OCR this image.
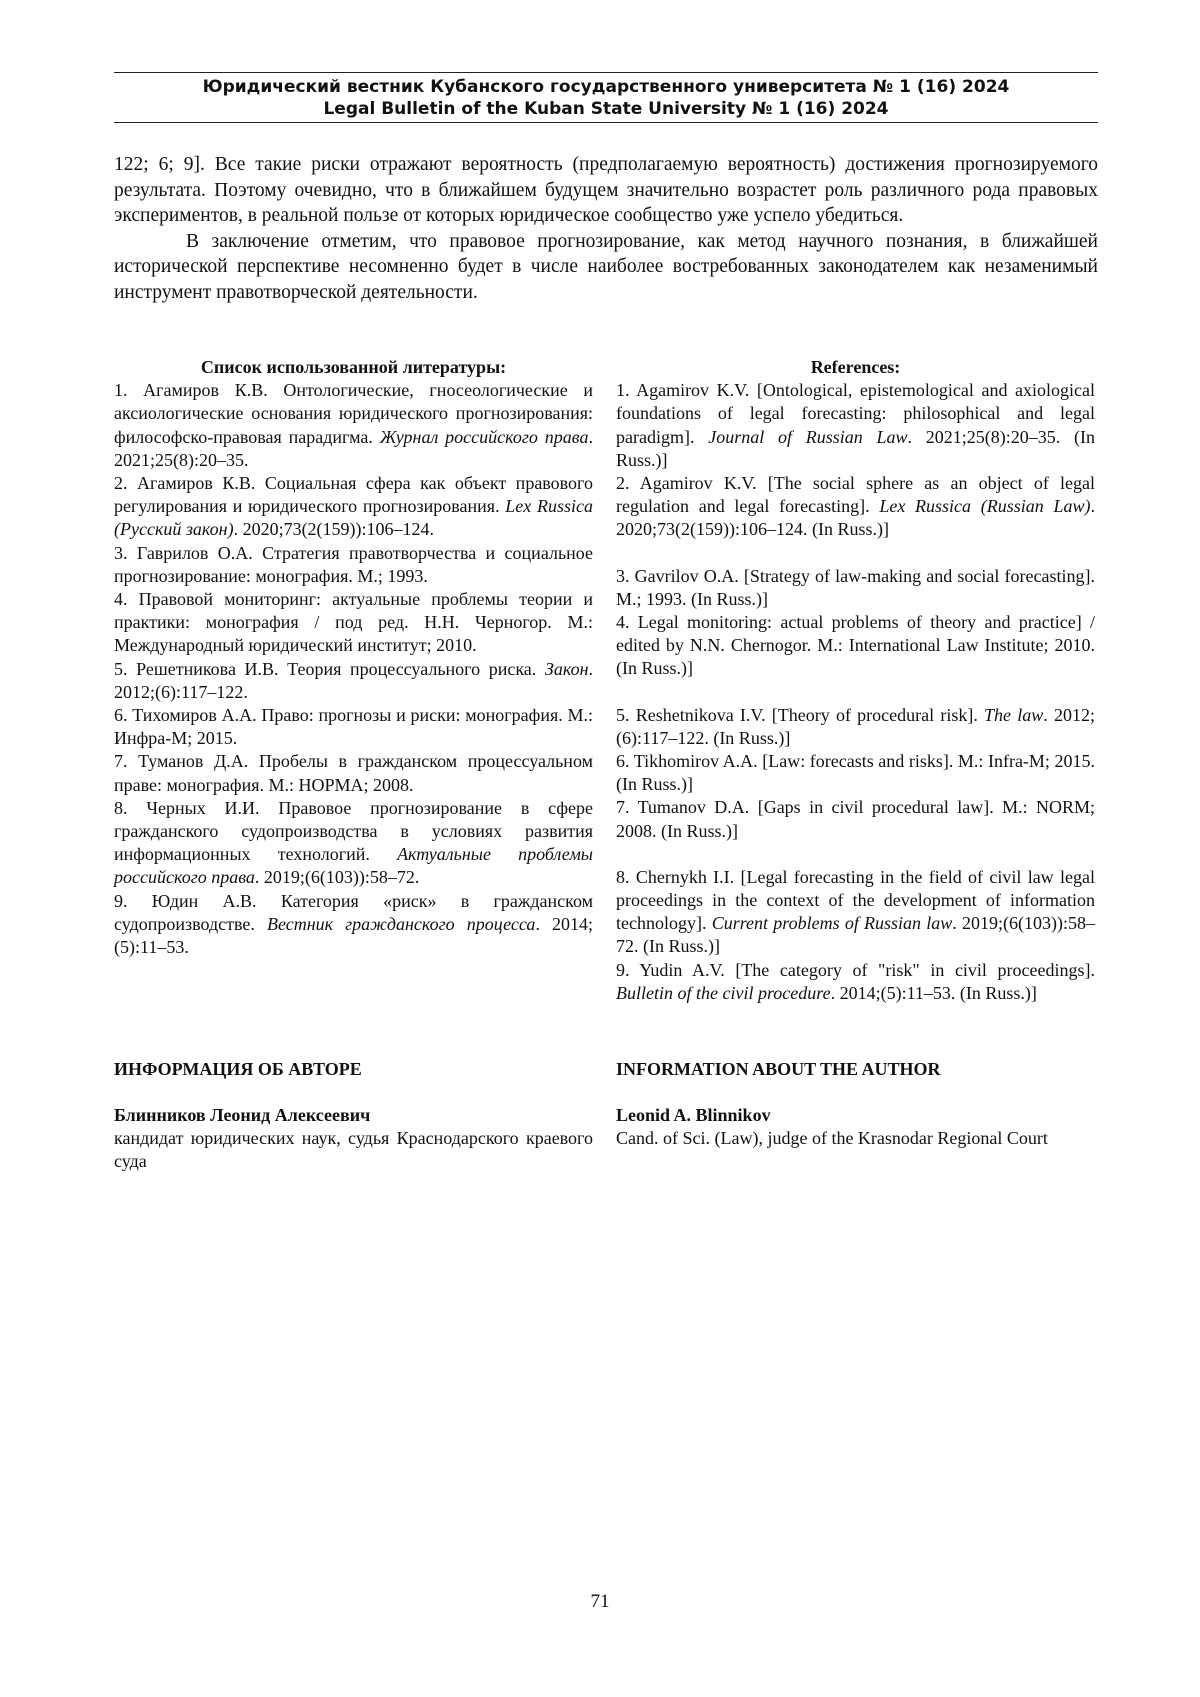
Юридический вестник Кубанского государственного университета № 1 (16) 2024
Legal Bulletin of the Kuban State University № 1 (16) 2024

122; 6; 9]. Все такие риски отражают вероятность (предполагаемую вероятность) достижения прогнозируемого результата. Поэтому очевидно, что в ближайшем будущем значительно возрастет роль различного рода правовых экспериментов, в реальной пользе от которых юридическое сообщество уже успело убедиться.

В заключение отметим, что правовое прогнозирование, как метод научного познания, в ближайшей исторической перспективе несомненно будет в числе наиболее востребованных законодателем как незаменимый инструмент правотворческой деятельности.

Список использованной литературы:

1. Агамиров К.В. Онтологические, гносеологические и аксиологические основания юридического прогнозирования: философско-правовая парадигма. Журнал российского права. 2021;25(8):20–35.

2. Агамиров К.В. Социальная сфера как объект правового регулирования и юридического прогнозирования. Lex Russica (Русский закон). 2020;73(2(159)):106–124.

3. Гаврилов О.А. Стратегия правотворчества и социальное прогнозирование: монография. М.; 1993.

4. Правовой мониторинг: актуальные проблемы теории и практики: монография / под ред. Н.Н. Черногор. М.: Международный юридический институт; 2010.

5. Решетникова И.В. Теория процессуального риска. Закон. 2012;(6):117–122.

6. Тихомиров А.А. Право: прогнозы и риски: монография. М.: Инфра-М; 2015.

7. Туманов Д.А. Пробелы в гражданском процессуальном праве: монография. М.: НОРМА; 2008.

8. Черных И.И. Правовое прогнозирование в сфере гражданского судопроизводства в условиях развития информационных технологий. Актуальные проблемы российского права. 2019;(6(103)):58–72.

9. Юдин А.В. Категория «риск» в гражданском судопроизводстве. Вестник гражданского процесса. 2014;(5):11–53.

References:

1. Agamirov K.V. [Ontological, epistemological and axiological foundations of legal forecasting: philosophical and legal paradigm]. Journal of Russian Law. 2021;25(8):20–35. (In Russ.)]

2. Agamirov K.V. [The social sphere as an object of legal regulation and legal forecasting]. Lex Russica (Russian Law). 2020;73(2(159)):106–124. (In Russ.)]

3. Gavrilov O.A. [Strategy of law-making and social forecasting]. M.; 1993. (In Russ.)]

4. Legal monitoring: actual problems of theory and practice] / edited by N.N. Chernogor. M.: International Law Institute; 2010. (In Russ.)]

5. Reshetnikova I.V. [Theory of procedural risk]. The law. 2012;(6):117–122. (In Russ.)]

6. Tikhomirov A.A. [Law: forecasts and risks]. M.: Infra-M; 2015. (In Russ.)]

7. Tumanov D.A. [Gaps in civil procedural law]. M.: NORM; 2008. (In Russ.)]

8. Chernykh I.I. [Legal forecasting in the field of civil law legal proceedings in the context of the development of information technology]. Current problems of Russian law. 2019;(6(103)):58–72. (In Russ.)]

9. Yudin A.V. [The category of "risk" in civil proceedings]. Bulletin of the civil procedure. 2014;(5):11–53. (In Russ.)]

ИНФОРМАЦИЯ ОБ АВТОРЕ	INFORMATION ABOUT THE AUTHOR
Блинников Леонид Алексеевич	Leonid A. Blinnikov
кандидат юридических наук, судья Краснодарского краевого суда
Cand. of Sci. (Law), judge of the Krasnodar Regional Court
71
